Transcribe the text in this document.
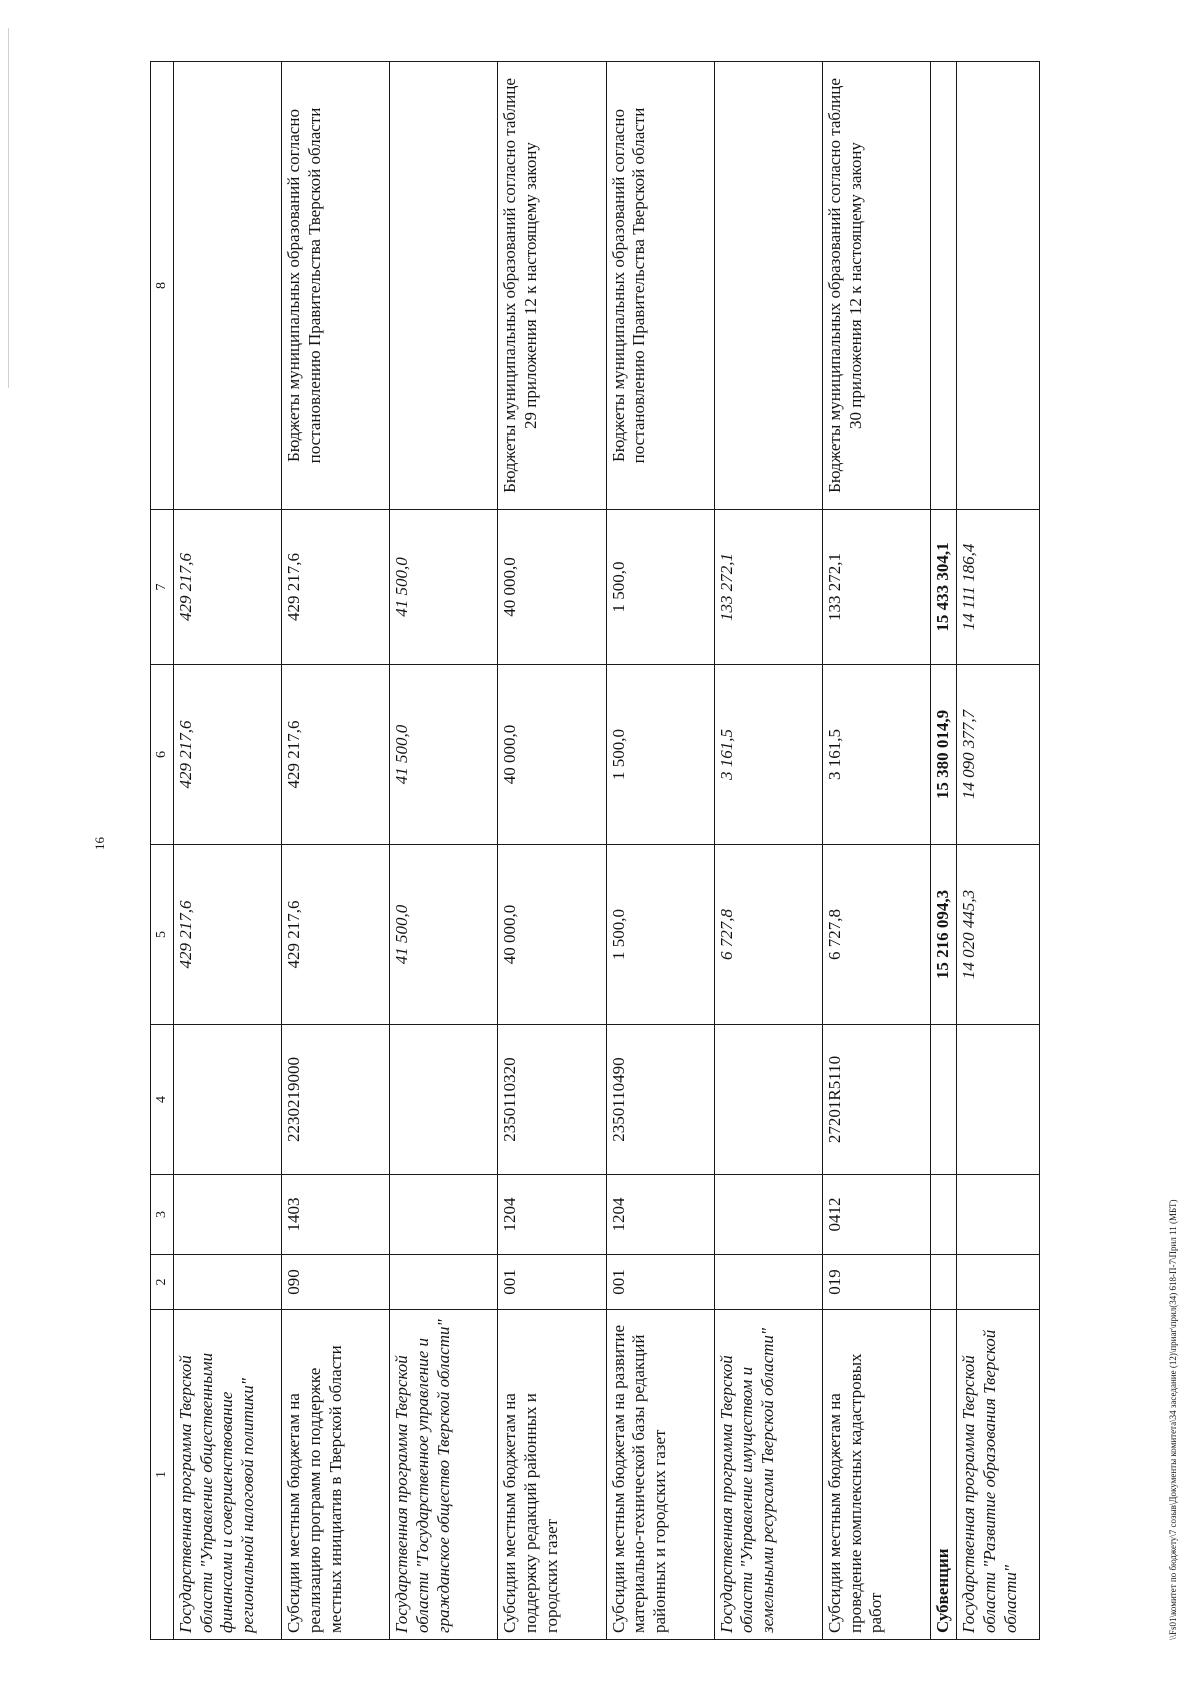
16
1	2	3	4	5	6	7	8
Государственная программа Тверской области "Управление общественными финансами и совершенствование региональной налоговой политики"				429 217,6	429 217,6	429 217,6	
Субсидии местным бюджетам на реализацию программ по поддержке местных инициатив в Тверской области	090	1403	2230219000	429 217,6	429 217,6	429 217,6	Бюджеты муниципальных образований согласно постановлению Правительства Тверской области
Государственная программа Тверской области "Государственное управление и гражданское общество Тверской области"				41 500,0	41 500,0	41 500,0	
Субсидии местным бюджетам на поддержку редакций районных и городских газет	001	1204	2350110320	40 000,0	40 000,0	40 000,0	Бюджеты муниципальных образований согласно таблице 29 приложения 12 к настоящему закону
Субсидии местным бюджетам на развитие материально-технической базы редакций районных и городских газет	001	1204	2350110490	1 500,0	1 500,0	1 500,0	Бюджеты муниципальных образований согласно постановлению Правительства Тверской области
Государственная программа Тверской области "Управление имуществом и земельными ресурсами Тверской области"				6 727,8	3 161,5	133 272,1	
Субсидии местным бюджетам на проведение комплексных кадастровых работ	019	0412	27201R5110	6 727,8	3 161,5	133 272,1	Бюджеты муниципальных образований согласно таблице 30 приложения 12 к настоящему закону
Субвенции				15 216 094,3	15 380 014,9	15 433 304,1	
Государственная программа Тверской области "Развитие образования Тверской области"				14 020 445,3	14 090 377,7	14 111 186,4	
\\Fs01\комитет по бюджету\7 созыв\Документы комитета\34 заседание (12)\приаг\прил(34) 618-П-7\Прил 11 (МБТ)
